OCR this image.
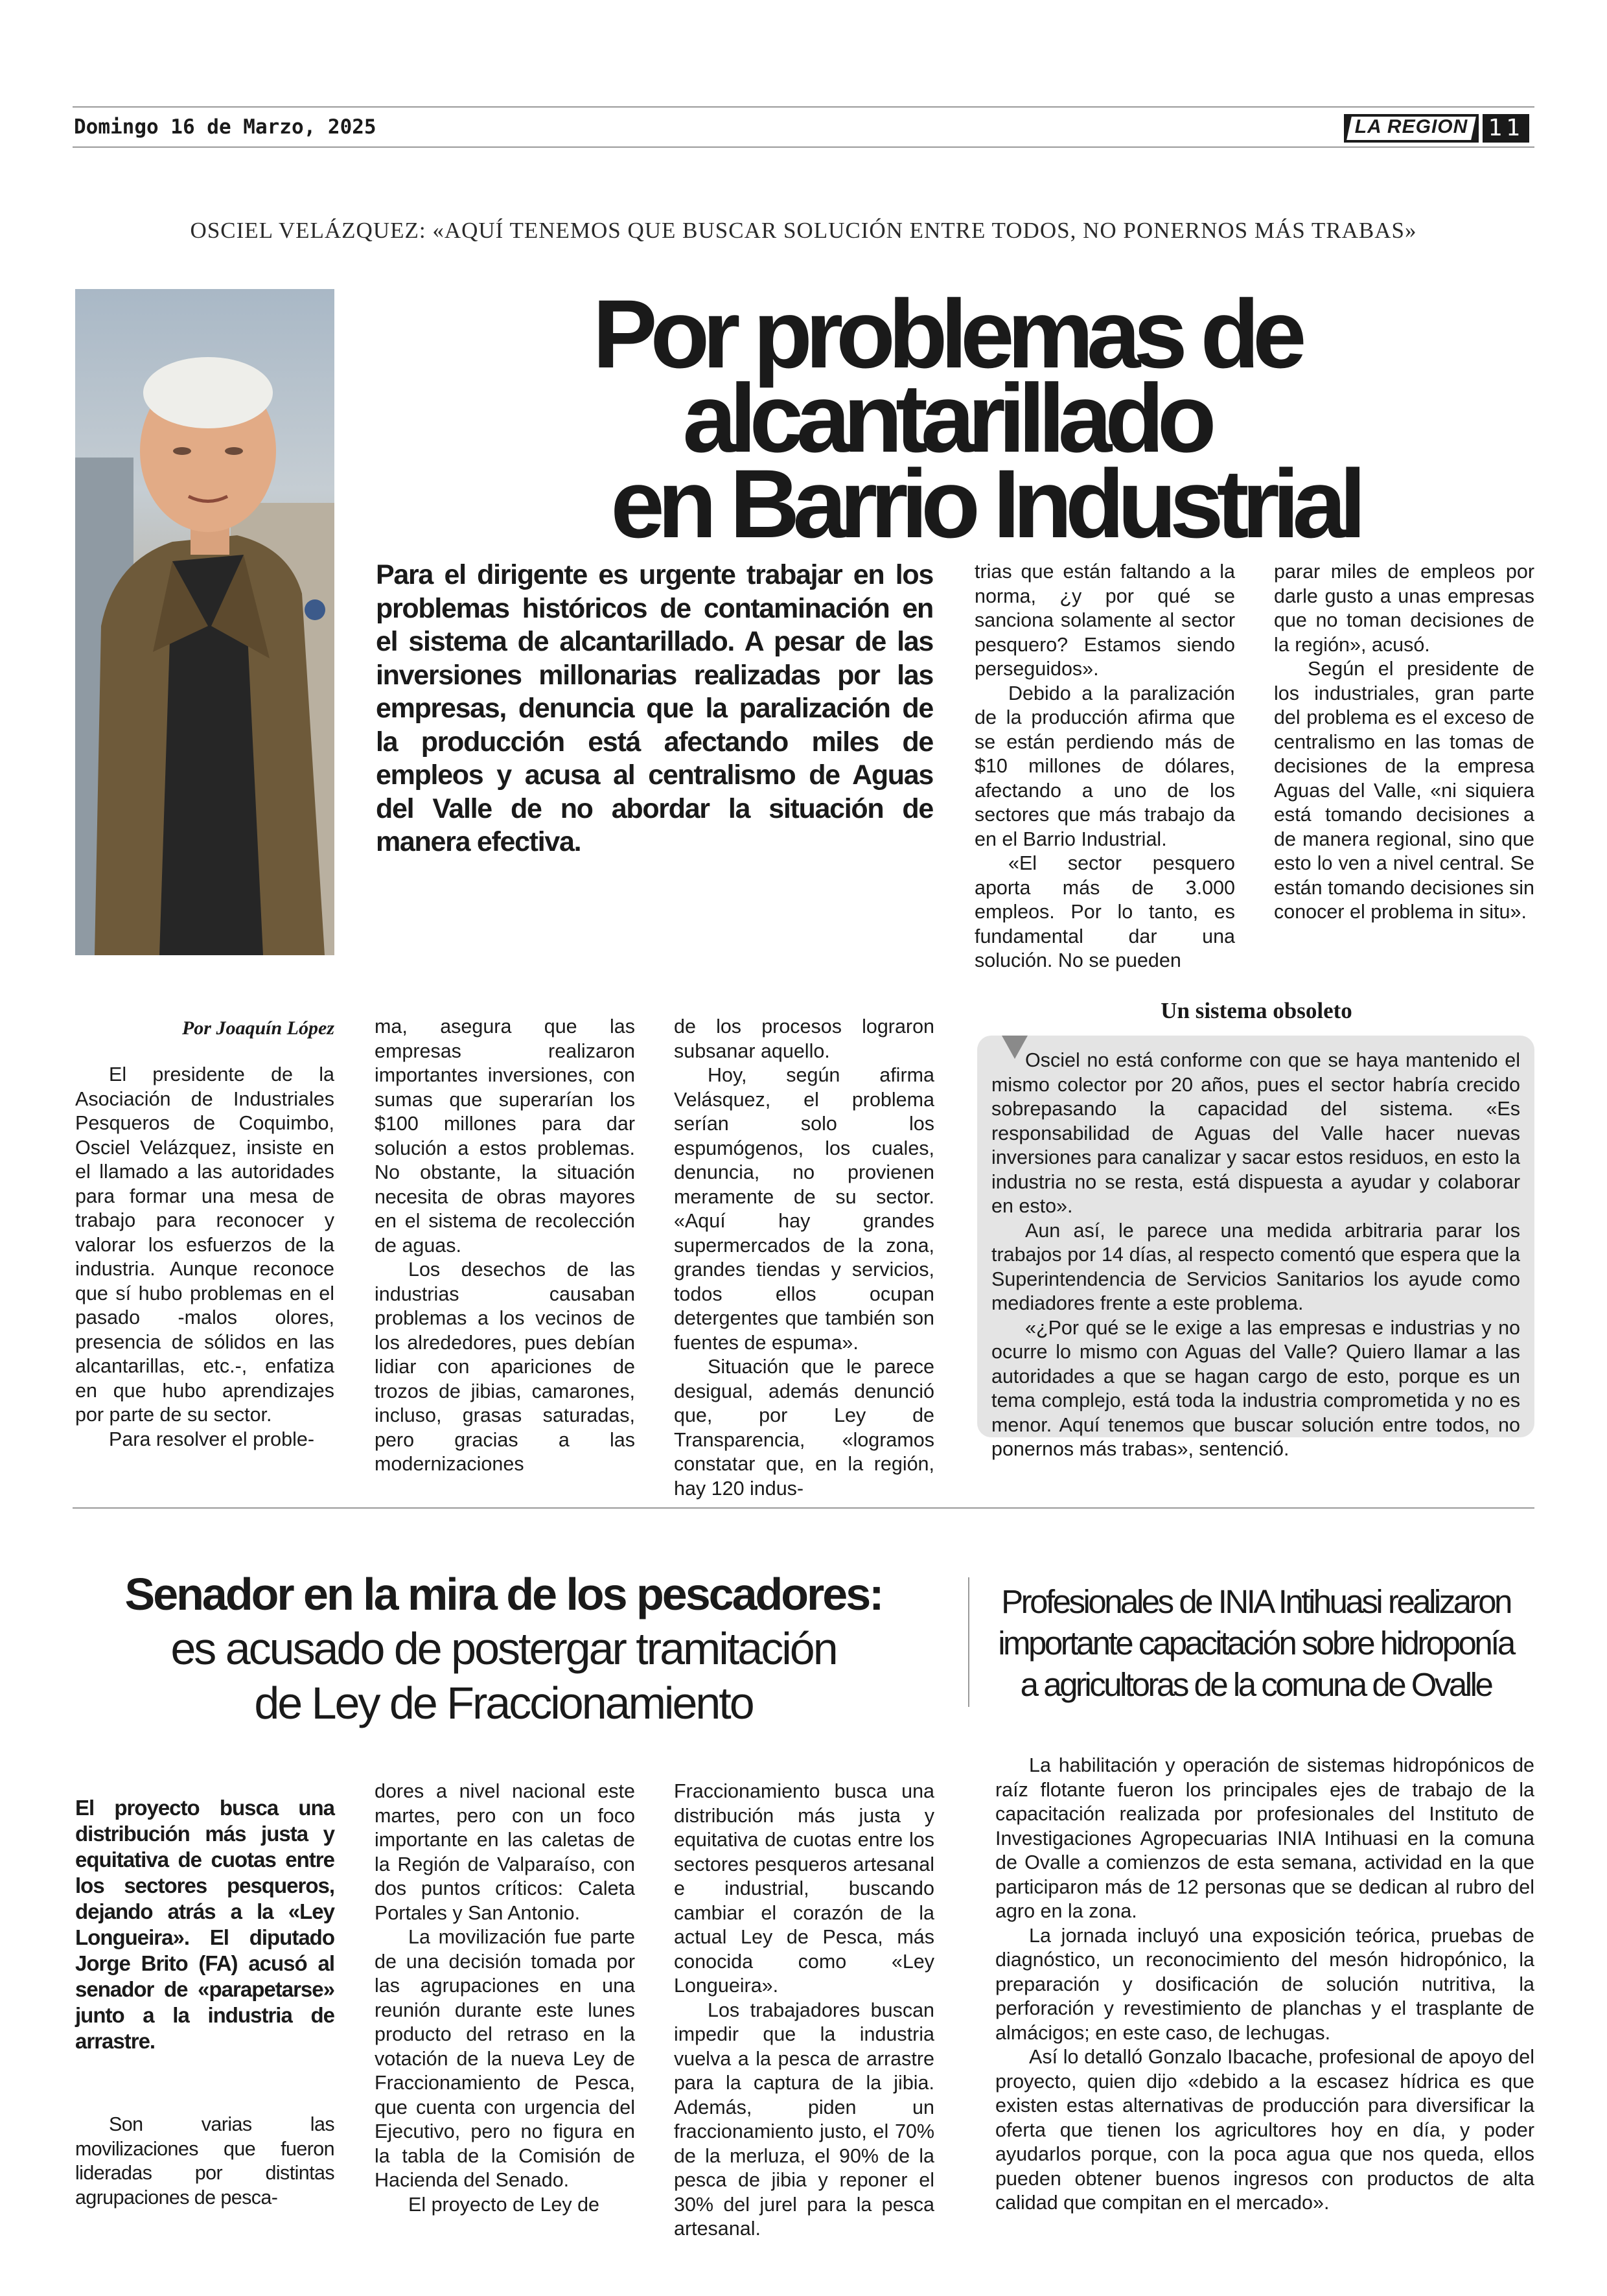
Domingo 16 de Marzo, 2025	LA REGION 11
OSCIEL VELÁZQUEZ: «AQUÍ TENEMOS QUE BUSCAR SOLUCIÓN ENTRE TODOS, NO PONERNOS MÁS TRABAS»
Por problemas de alcantarillado
en Barrio Industrial
Para el dirigente es urgente trabajar en los problemas históricos de contaminación en el sistema de alcantarillado. A pesar de las inversiones millonarias realizadas por las empresas, denuncia que la paralización de la producción está afectando miles de empleos y acusa al centralismo de Aguas del Valle de no abordar la situación de manera efectiva.

trias que están faltando a la norma, ¿y por qué se sanciona solamente al sector pesquero? Estamos siendo perseguidos».

Debido a la paralización de la producción afirma que se están perdiendo más de $10 millones de dólares, afectando a uno de los sectores que más trabajo da en el Barrio Industrial.

«El sector pesquero aporta más de 3.000 empleos. Por lo tanto, es fundamental dar una solución. No se pueden

parar miles de empleos por darle gusto a unas empresas que no toman decisiones de la región», acusó.

Según el presidente de los industriales, gran parte del problema es el exceso de centralismo en las tomas de decisiones de la empresa Aguas del Valle, «ni siquiera está tomando decisiones a de manera regional, sino que esto lo ven a nivel central. Se están tomando decisiones sin conocer el problema in situ».

Por Joaquín López

El presidente de la Asociación de Industriales Pesqueros de Coquimbo, Osciel Velázquez, insiste en el llamado a las autoridades para formar una mesa de trabajo para reconocer y valorar los esfuerzos de la industria. Aunque reconoce que sí hubo problemas en el pasado -malos olores, presencia de sólidos en las alcantarillas, etc.-, enfatiza en que hubo aprendizajes por parte de su sector.

Para resolver el proble-

ma, asegura que las empresas realizaron importantes inversiones, con sumas que superarían los $100 millones para dar solución a estos problemas. No obstante, la situación necesita de obras mayores en el sistema de recolección de aguas.

Los desechos de las industrias causaban problemas a los vecinos de los alrededores, pues debían lidiar con apariciones de trozos de jibias, camarones, incluso, grasas saturadas, pero gracias a las modernizaciones

de los procesos lograron subsanar aquello.

Hoy, según afirma Velásquez, el problema serían solo los espumógenos, los cuales, denuncia, no provienen meramente de su sector. «Aquí hay grandes supermercados de la zona, grandes tiendas y servicios, todos ellos ocupan detergentes que también son fuentes de espuma».

Situación que le parece desigual, además denunció que, por Ley de Transparencia, «logramos constatar que, en la región, hay 120 indus-

Un sistema obsoleto

Osciel no está conforme con que se haya mantenido el mismo colector por 20 años, pues el sector habría crecido sobrepasando la capacidad del sistema. «Es responsabilidad de Aguas del Valle hacer nuevas inversiones para canalizar y sacar estos residuos, en esto la industria no se resta, está dispuesta a ayudar y colaborar en esto».

Aun así, le parece una medida arbitraria parar los trabajos por 14 días, al respecto comentó que espera que la Superintendencia de Servicios Sanitarios los ayude como mediadores frente a este problema.

«¿Por qué se le exige a las empresas e industrias y no ocurre lo mismo con Aguas del Valle? Quiero llamar a las autoridades a que se hagan cargo de esto, porque es un tema complejo, está toda la industria comprometida y no es menor. Aquí tenemos que buscar solución entre todos, no ponernos más trabas», sentenció.

Senador en la mira de los pescadores:
es acusado de postergar tramitación
de Ley de Fraccionamiento
El proyecto busca una distribución más justa y equitativa de cuotas entre los sectores pesqueros, dejando atrás a la «Ley Longueira». El diputado Jorge Brito (FA) acusó al senador de «parapetarse» junto a la industria de arrastre.

Son varias las movilizaciones que fueron lideradas por distintas agrupaciones de pesca-

dores a nivel nacional este martes, pero con un foco importante en las caletas de la Región de Valparaíso, con dos puntos críticos: Caleta Portales y San Antonio.

La movilización fue parte de una decisión tomada por las agrupaciones en una reunión durante este lunes producto del retraso en la votación de la nueva Ley de Fraccionamiento de Pesca, que cuenta con urgencia del Ejecutivo, pero no figura en la tabla de la Comisión de Hacienda del Senado.

El proyecto de Ley de

Fraccionamiento busca una distribución más justa y equitativa de cuotas entre los sectores pesqueros artesanal e industrial, buscando cambiar el corazón de la actual Ley de Pesca, más conocida como «Ley Longueira».

Los trabajadores buscan impedir que la industria vuelva a la pesca de arrastre para la captura de la jibia. Además, piden un fraccionamiento justo, el 70% de la merluza, el 90% de la pesca de jibia y reponer el 30% del jurel para la pesca artesanal.

Profesionales de INIA Intihuasi realizaron
importante capacitación sobre hidroponía
a agricultoras de la comuna de Ovalle

La habilitación y operación de sistemas hidropónicos de raíz flotante fueron los principales ejes de trabajo de la capacitación realizada por profesionales del Instituto de Investigaciones Agropecuarias INIA Intihuasi en la comuna de Ovalle a comienzos de esta semana, actividad en la que participaron más de 12 personas que se dedican al rubro del agro en la zona.

La jornada incluyó una exposición teórica, pruebas de diagnóstico, un reconocimiento del mesón hidropónico, la preparación y dosificación de solución nutritiva, la perforación y revestimiento de planchas y el trasplante de almácigos; en este caso, de lechugas.

Así lo detalló Gonzalo Ibacache, profesional de apoyo del proyecto, quien dijo «debido a la escasez hídrica es que existen estas alternativas de producción para diversificar la oferta que tienen los agricultores hoy en día, y poder ayudarlos porque, con la poca agua que nos queda, ellos pueden obtener buenos ingresos con productos de alta calidad que compitan en el mercado».
